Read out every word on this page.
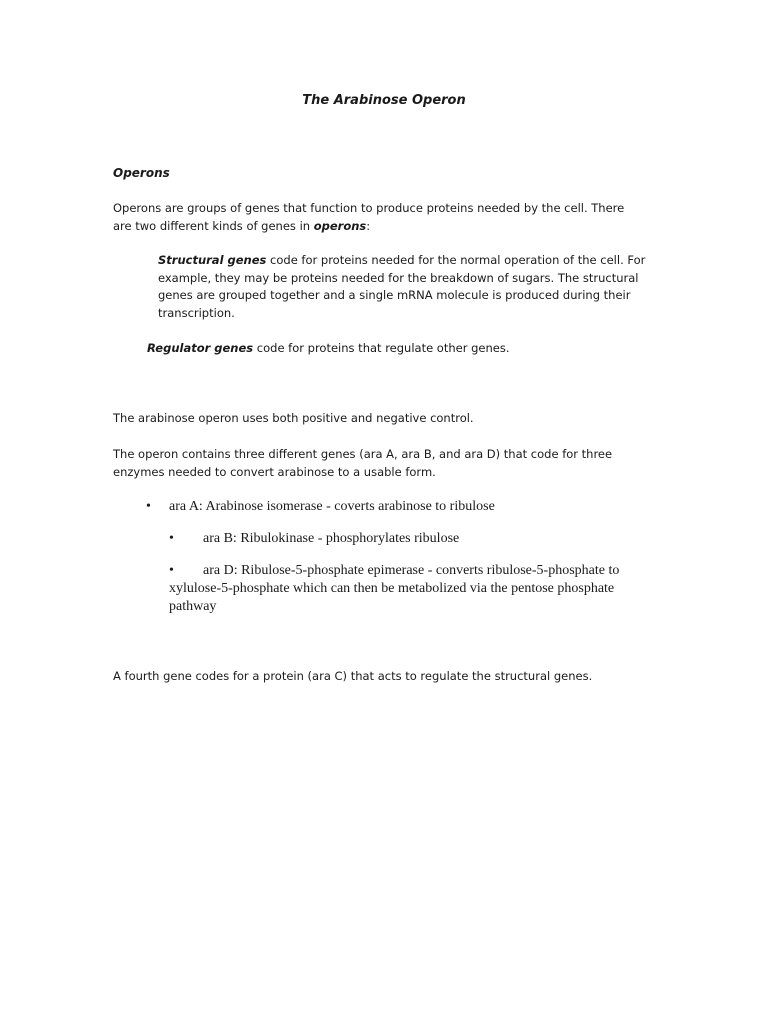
The Arabinose Operon

Operons

Operons are groups of genes that function to produce proteins needed by the cell. There are two different kinds of genes in operons:

Structural genes code for proteins needed for the normal operation of the cell. For example, they may be proteins needed for the breakdown of sugars. The structural genes are grouped together and a single mRNA molecule is produced during their transcription.

Regulator genes code for proteins that regulate other genes.

The arabinose operon uses both positive and negative control.

The operon contains three different genes (ara A, ara B, and ara D) that code for three enzymes needed to convert arabinose to a usable form.

• ara A: Arabinose isomerase - coverts arabinose to ribulose

• ara B: Ribulokinase - phosphorylates ribulose

•	ara D: Ribulose-5-phosphate epimerase - converts ribulose-5-phosphate to xylulose-5-phosphate which can then be metabolized via the pentose phosphate pathway

A fourth gene codes for a protein (ara C) that acts to regulate the structural genes.
